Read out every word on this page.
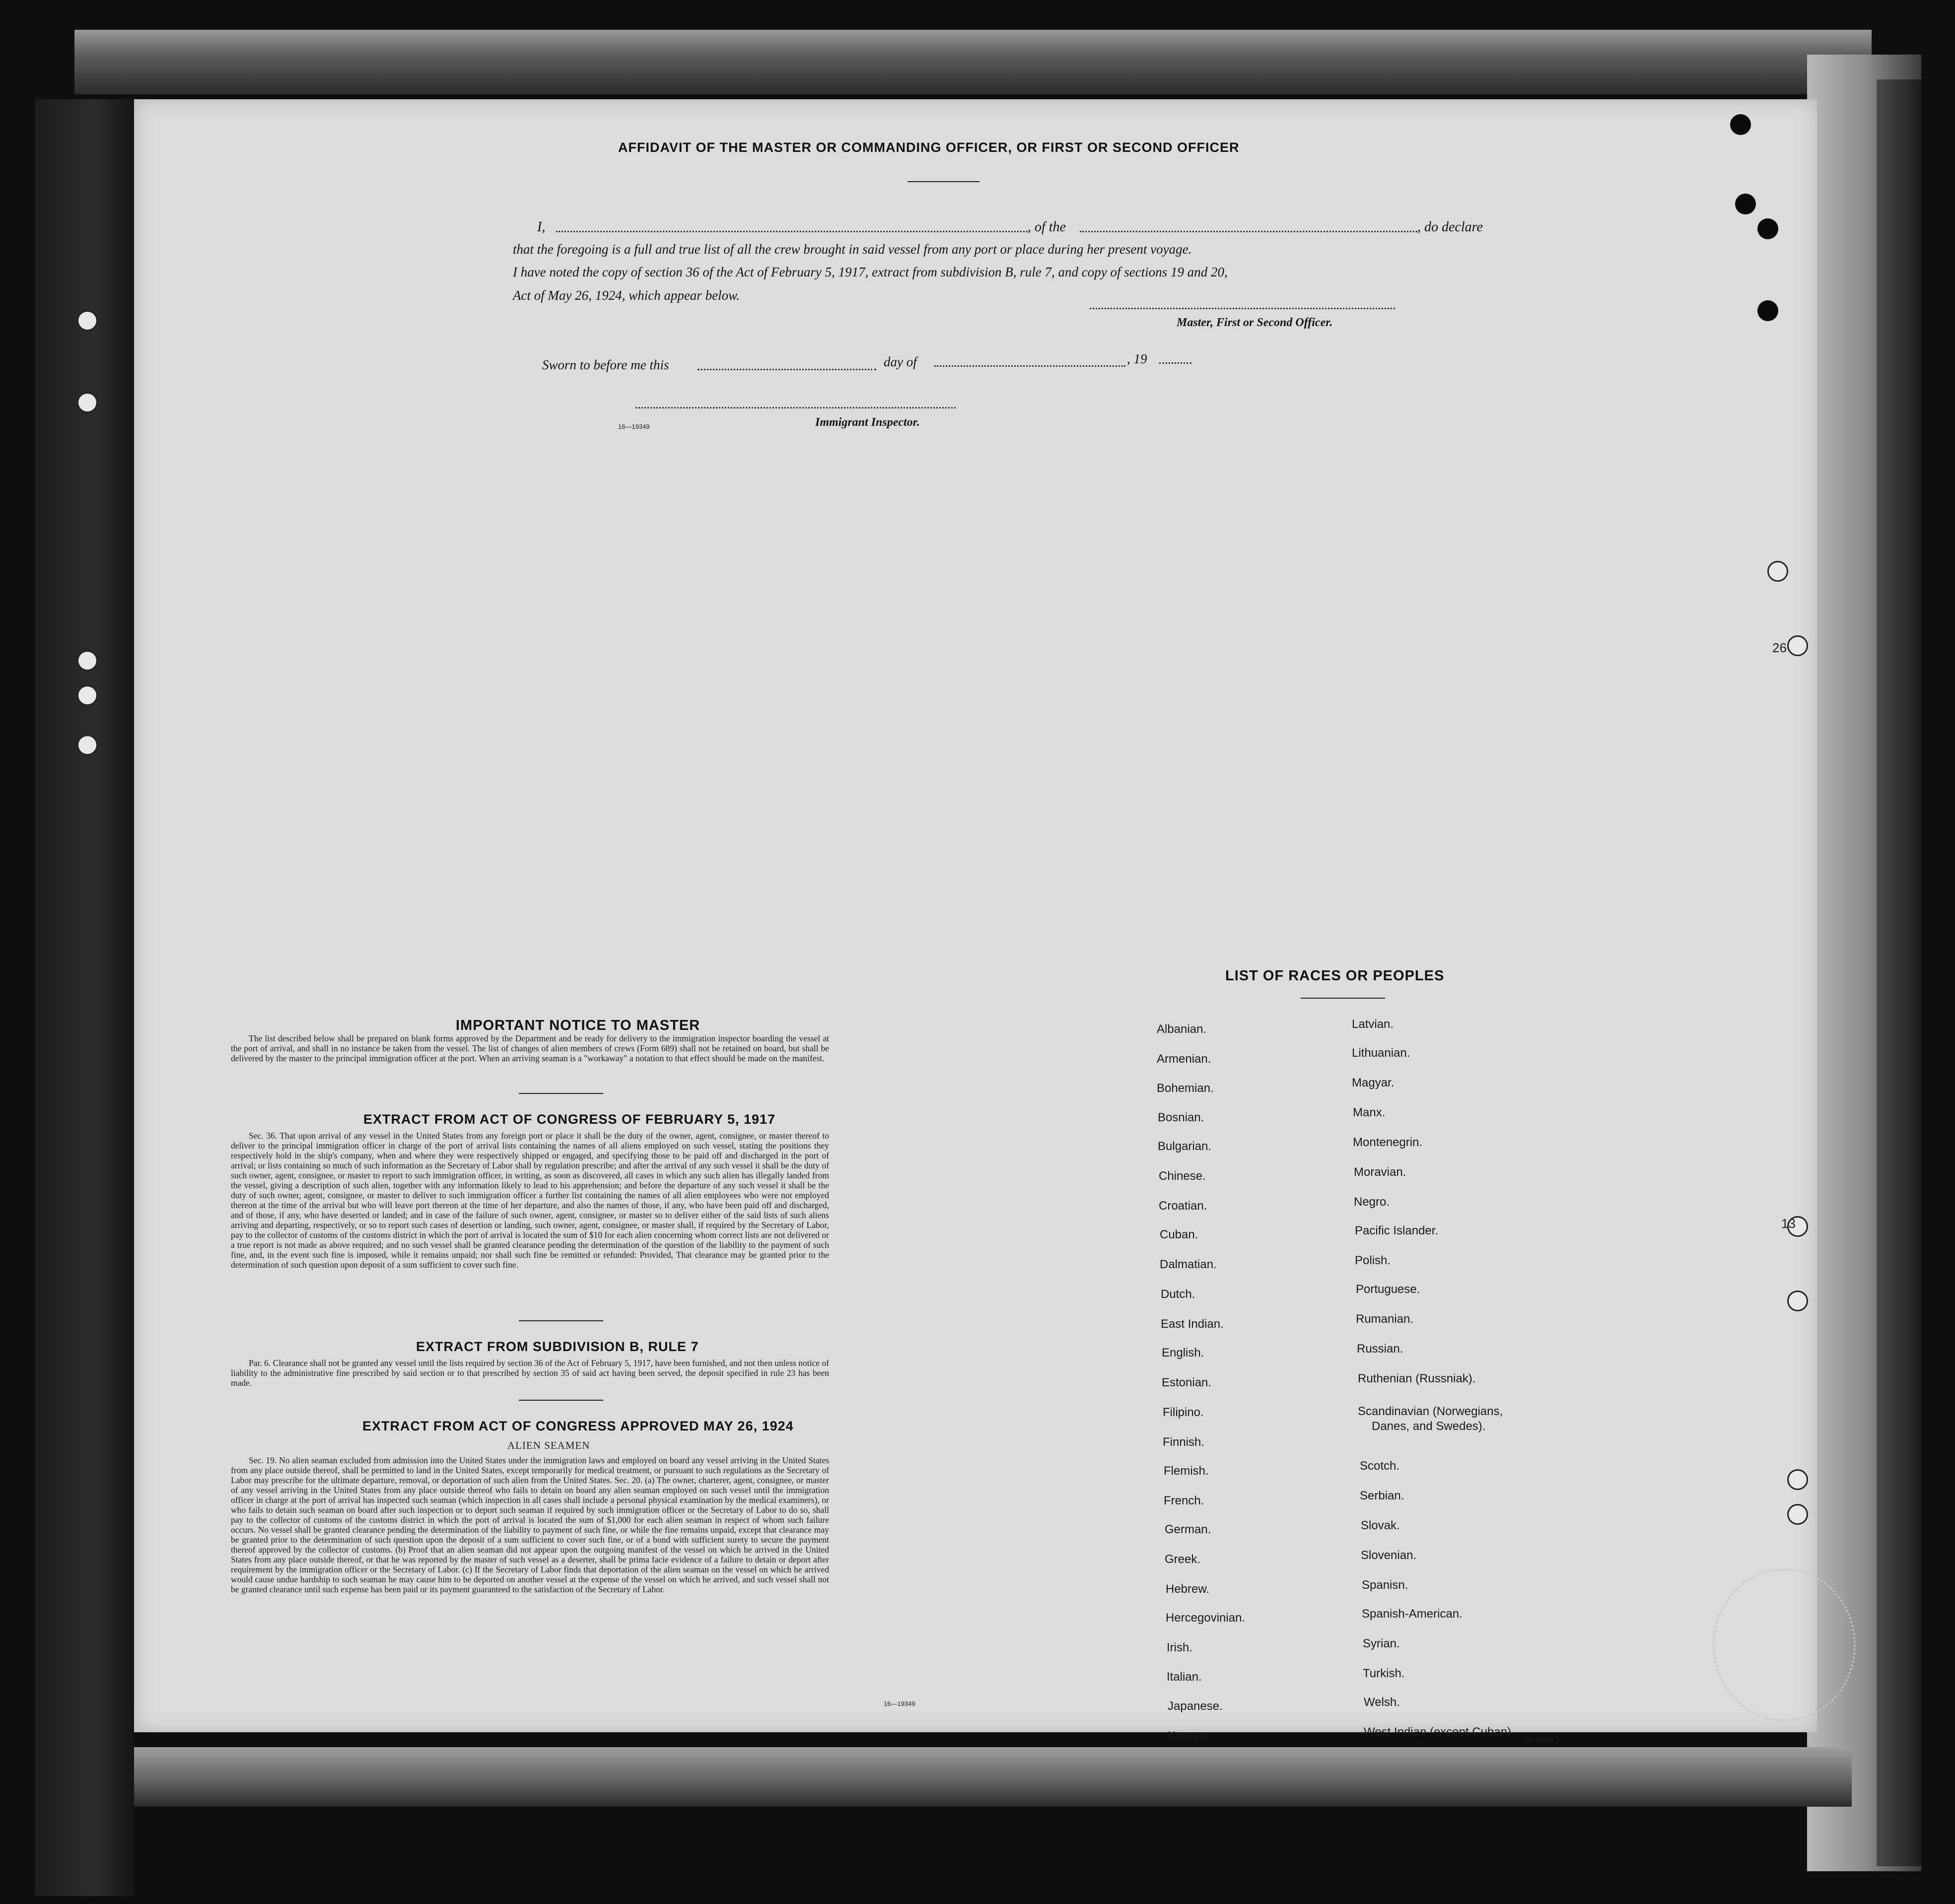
26
13
AFFIDAVIT OF THE MASTER OR COMMANDING OFFICER, OR FIRST OR SECOND OFFICER
I,	, of the	, do declare
that the foregoing is a full and true list of all the crew brought in said vessel from any port or place during her present voyage.
I have noted the copy of section 36 of the Act of February 5, 1917, extract from subdivision B, rule 7, and copy of sections 19 and 20,
Act of May 26, 1924, which appear below.
Master, First or Second Officer.
Sworn to before me this	day of	, 19
16—19349	Immigrant Inspector.
IMPORTANT NOTICE TO MASTER
The list described below shall be prepared on blank forms approved by the Department and be ready for delivery to the immigration inspector boarding the vessel at the port of arrival, and shall in no instance be taken from the vessel. The list of changes of alien members of crews (Form 689) shall not be retained on board, but shall be delivered by the master to the principal immigration officer at the port. When an arriving seaman is a "workaway" a notation to that effect should be made on the manifest.
EXTRACT FROM ACT OF CONGRESS OF FEBRUARY 5, 1917
Sec. 36. That upon arrival of any vessel in the United States from any foreign port or place it shall be the duty of the owner, agent, consignee, or master thereof to deliver to the principal immigration officer in charge of the port of arrival lists containing the names of all aliens employed on such vessel, stating the positions they respectively hold in the ship's company, when and where they were respectively shipped or engaged, and specifying those to be paid off and discharged in the port of arrival; or lists containing so much of such information as the Secretary of Labor shall by regulation prescribe; and after the arrival of any such vessel it shall be the duty of such owner, agent, consignee, or master to report to such immigration officer, in writing, as soon as discovered, all cases in which any such alien has illegally landed from the vessel, giving a description of such alien, together with any information likely to lead to his apprehension; and before the departure of any such vessel it shall be the duty of such owner, agent, consignee, or master to deliver to such immigration officer a further list containing the names of all alien employees who were not employed thereon at the time of the arrival but who will leave port thereon at the time of her departure, and also the names of those, if any, who have been paid off and discharged, and of those, if any, who have deserted or landed; and in case of the failure of such owner, agent, consignee, or master so to deliver either of the said lists of such aliens arriving and departing, respectively, or so to report such cases of desertion or landing, such owner, agent, consignee, or master shall, if required by the Secretary of Labor, pay to the collector of customs of the customs district in which the port of arrival is located the sum of $10 for each alien concerning whom correct lists are not delivered or a true report is not made as above required; and no such vessel shall be granted clearance pending the determination of the question of the liability to the payment of such fine, and, in the event such fine is imposed, while it remains unpaid; nor shall such fine be remitted or refunded: Provided, That clearance may be granted prior to the determination of such question upon deposit of a sum sufficient to cover such fine.
EXTRACT FROM SUBDIVISION B, RULE 7
Par. 6. Clearance shall not be granted any vessel until the lists required by section 36 of the Act of February 5, 1917, have been furnished, and not then unless notice of liability to the administrative fine prescribed by said section or to that prescribed by section 35 of said act having been served, the deposit specified in rule 23 has been made.
EXTRACT FROM ACT OF CONGRESS APPROVED MAY 26, 1924
ALIEN SEAMEN
Sec. 19. No alien seaman excluded from admission into the United States under the immigration laws and employed on board any vessel arriving in the United States from any place outside thereof, shall be permitted to land in the United States, except temporarily for medical treatment, or pursuant to such regulations as the Secretary of Labor may prescribe for the ultimate departure, removal, or deportation of such alien from the United States. Sec. 20. (a) The owner, charterer, agent, consignee, or master of any vessel arriving in the United States from any place outside thereof who fails to detain on board any alien seaman employed on such vessel until the immigration officer in charge at the port of arrival has inspected such seaman (which inspection in all cases shall include a personal physical examination by the medical examiners), or who fails to detain such seaman on board after such inspection or to deport such seaman if required by such immigration officer or the Secretary of Labor to do so, shall pay to the collector of customs of the customs district in which the port of arrival is located the sum of $1,000 for each alien seaman in respect of whom such failure occurs. No vessel shall be granted clearance pending the determination of the liability to payment of such fine, or while the fine remains unpaid, except that clearance may be granted prior to the determination of such question upon the deposit of a sum sufficient to cover such fine, or of a bond with sufficient surety to secure the payment thereof approved by the collector of customs. (b) Proof that an alien seaman did not appear upon the outgoing manifest of the vessel on which he arrived in the United States from any place outside thereof, or that he was reported by the master of such vessel as a deserter, shall be prima facie evidence of a failure to detain or deport after requirement by the immigration officer or the Secretary of Labor. (c) If the Secretary of Labor finds that deportation of the alien seaman on the vessel on which he arrived would cause undue hardship to such seaman he may cause him to be deported on another vessel at the expense of the vessel on which he arrived, and such vessel shall not be granted clearance until such expense has been paid or its payment guaranteed to the satisfaction of the Secretary of Labor.
16—19349
LIST OF RACES OR PEOPLES
Albanian.
Armenian.
Bohemian.
Bosnian.
Bulgarian.
Chinese.
Croatian.
Cuban.
Dalmatian.
Dutch.
East Indian.
English.
Estonian.
Filipino.
Finnish.
Flemish.
French.
German.
Greek.
Hebrew.
Hercegovinian.
Irish.
Italian.
Japanese.
Korean.
Latvian.
Lithuanian.
Magyar.
Manx.
Montenegrin.
Moravian.
Negro.
Pacific Islander.
Polish.
Portuguese.
Rumanian.
Russian.
Ruthenian (Russniak).
Scandinavian (Norwegians,
Danes, and Swedes).
Scotch.
Serbian.
Slovak.
Slovenian.
Spanisn.
Spanish-American.
Syrian.
Turkish.
Welsh.
West Indian (except Cuban).
16—19343
